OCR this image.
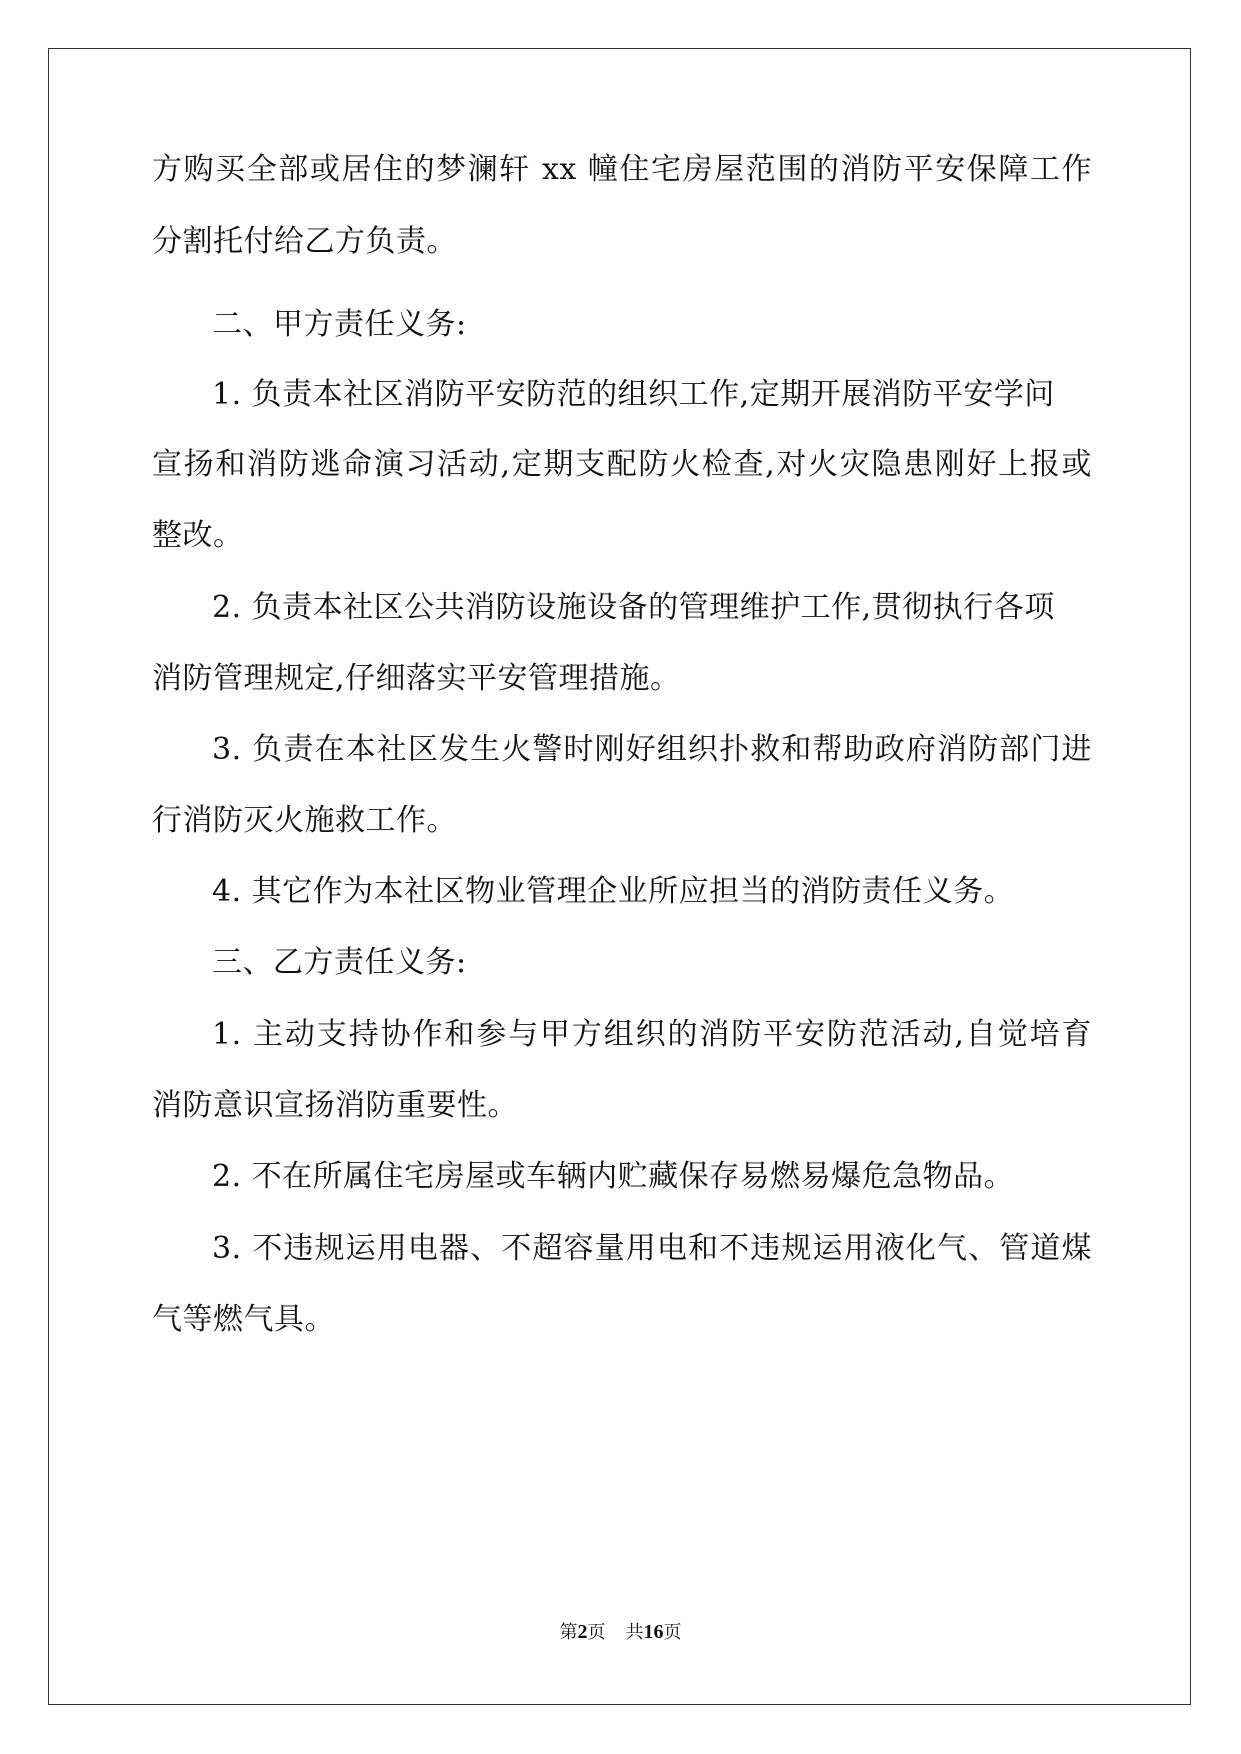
方购买全部或居住的梦澜轩 xx 幢住宅房屋范围的消防平安保障工作
分割托付给乙方负责。
二、甲方责任义务:
1. 负责本社区消防平安防范的组织工作,定期开展消防平安学问
宣扬和消防逃命演习活动,定期支配防火检查,对火灾隐患刚好上报或
整改。
2. 负责本社区公共消防设施设备的管理维护工作,贯彻执行各项
消防管理规定,仔细落实平安管理措施。
3. 负责在本社区发生火警时刚好组织扑救和帮助政府消防部门进
行消防灭火施救工作。
4. 其它作为本社区物业管理企业所应担当的消防责任义务。
三、乙方责任义务:
1. 主动支持协作和参与甲方组织的消防平安防范活动,自觉培育
消防意识宣扬消防重要性。
2. 不在所属住宅房屋或车辆内贮藏保存易燃易爆危急物品。
3. 不违规运用电器、不超容量用电和不违规运用液化气、管道煤
气等燃气具。
第2页 共16页
